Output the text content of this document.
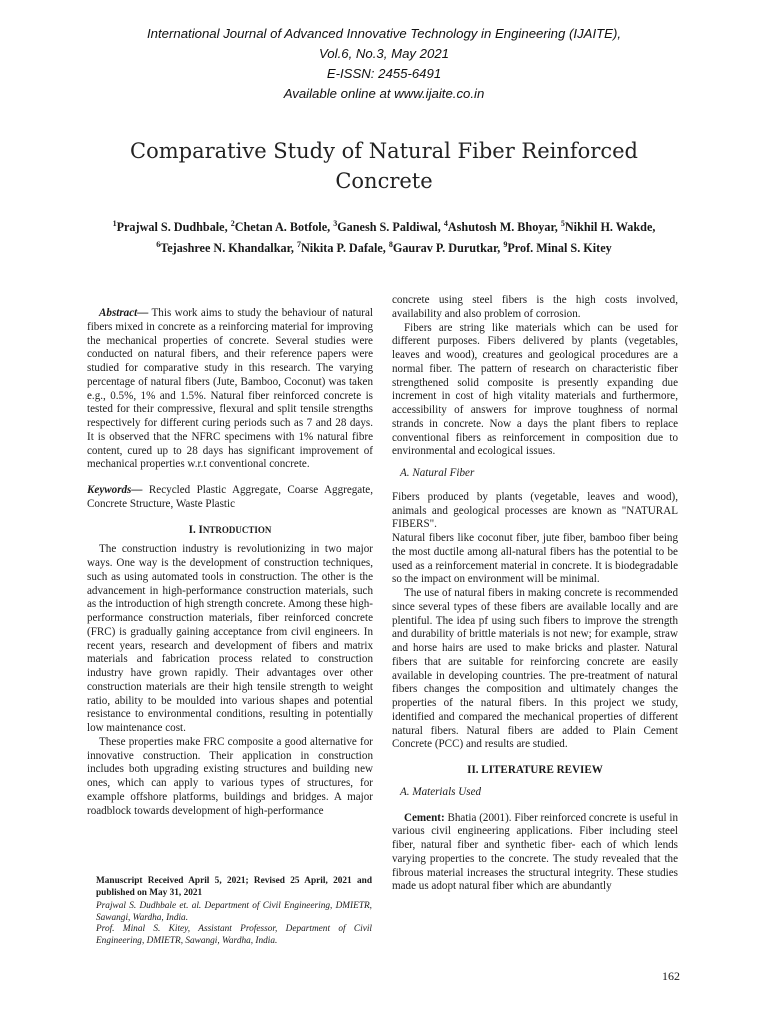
International Journal of Advanced Innovative Technology in Engineering (IJAITE),
Vol.6, No.3, May 2021
E-ISSN: 2455-6491
Available online at www.ijaite.co.in
Comparative Study of Natural Fiber Reinforced Concrete
$^1$Prajwal S. Dudhbale, $^2$Chetan A. Botfole, $^3$Ganesh S. Paldiwal, $^4$Ashutosh M. Bhoyar, $^5$Nikhil H. Wakde, $^6$Tejashree N. Khandalkar, $^7$Nikita P. Dafale, $^8$Gaurav P. Durutkar, $^9$Prof. Minal S. Kitey

Abstract— This work aims to study the behaviour of natural fibers mixed in concrete as a reinforcing material for improving the mechanical properties of concrete. Several studies were conducted on natural fibers, and their reference papers were studied for comparative study in this research. The varying percentage of natural fibers (Jute, Bamboo, Coconut) was taken e.g., 0.5%, 1% and 1.5%. Natural fiber reinforced concrete is tested for their compressive, flexural and split tensile strengths respectively for different curing periods such as 7 and 28 days. It is observed that the NFRC specimens with 1% natural fibre content, cured up to 28 days has significant improvement of mechanical properties w.r.t conventional concrete.

Keywords— Recycled Plastic Aggregate, Coarse Aggregate, Concrete Structure, Waste Plastic

I. INTRODUCTION

The construction industry is revolutionizing in two major ways. One way is the development of construction techniques, such as using automated tools in construction. The other is the advancement in high-performance construction materials, such as the introduction of high strength concrete. Among these high-performance construction materials, fiber reinforced concrete (FRC) is gradually gaining acceptance from civil engineers. In recent years, research and development of fibers and matrix materials and fabrication process related to construction industry have grown rapidly. Their advantages over other construction materials are their high tensile strength to weight ratio, ability to be moulded into various shapes and potential resistance to environmental conditions, resulting in potentially low maintenance cost.

These properties make FRC composite a good alternative for innovative construction. Their application in construction includes both upgrading existing structures and building new ones, which can apply to various types of structures, for example offshore platforms, buildings and bridges. A major roadblock towards development of high-performance

concrete using steel fibers is the high costs involved, availability and also problem of corrosion.

Fibers are string like materials which can be used for different purposes. Fibers delivered by plants (vegetables, leaves and wood), creatures and geological procedures are a normal fiber. The pattern of research on characteristic fiber strengthened solid composite is presently expanding due increment in cost of high vitality materials and furthermore, accessibility of answers for improve toughness of normal strands in concrete. Now a days the plant fibers to replace conventional fibers as reinforcement in composition due to environmental and ecological issues.

A. Natural Fiber

Fibers produced by plants (vegetable, leaves and wood), animals and geological processes are known as "NATURAL FIBERS".

Natural fibers like coconut fiber, jute fiber, bamboo fiber being the most ductile among all-natural fibers has the potential to be used as a reinforcement material in concrete. It is biodegradable so the impact on environment will be minimal.

The use of natural fibers in making concrete is recommended since several types of these fibers are available locally and are plentiful. The idea pf using such fibers to improve the strength and durability of brittle materials is not new; for example, straw and horse hairs are used to make bricks and plaster. Natural fibers that are suitable for reinforcing concrete are easily available in developing countries. The pre-treatment of natural fibers changes the composition and ultimately changes the properties of the natural fibers. In this project we study, identified and compared the mechanical properties of different natural fibers. Natural fibers are added to Plain Cement Concrete (PCC) and results are studied.

II. LITERATURE REVIEW
A. Materials Used

Cement: Bhatia (2001). Fiber reinforced concrete is useful in various civil engineering applications. Fiber including steel fiber, natural fiber and synthetic fiber- each of which lends varying properties to the concrete. The study revealed that the fibrous material increases the structural integrity. These studies made us adopt natural fiber which are abundantly

Manuscript Received April 5, 2021; Revised 25 April, 2021 and published on May 31, 2021

Prajwal S. Dudhbale et. al. Department of Civil Engineering, DMIETR, Sawangi, Wardha, India.

Prof. Minal S. Kitey, Assistant Professor, Department of Civil Engineering, DMIETR, Sawangi, Wardha, India.

162
